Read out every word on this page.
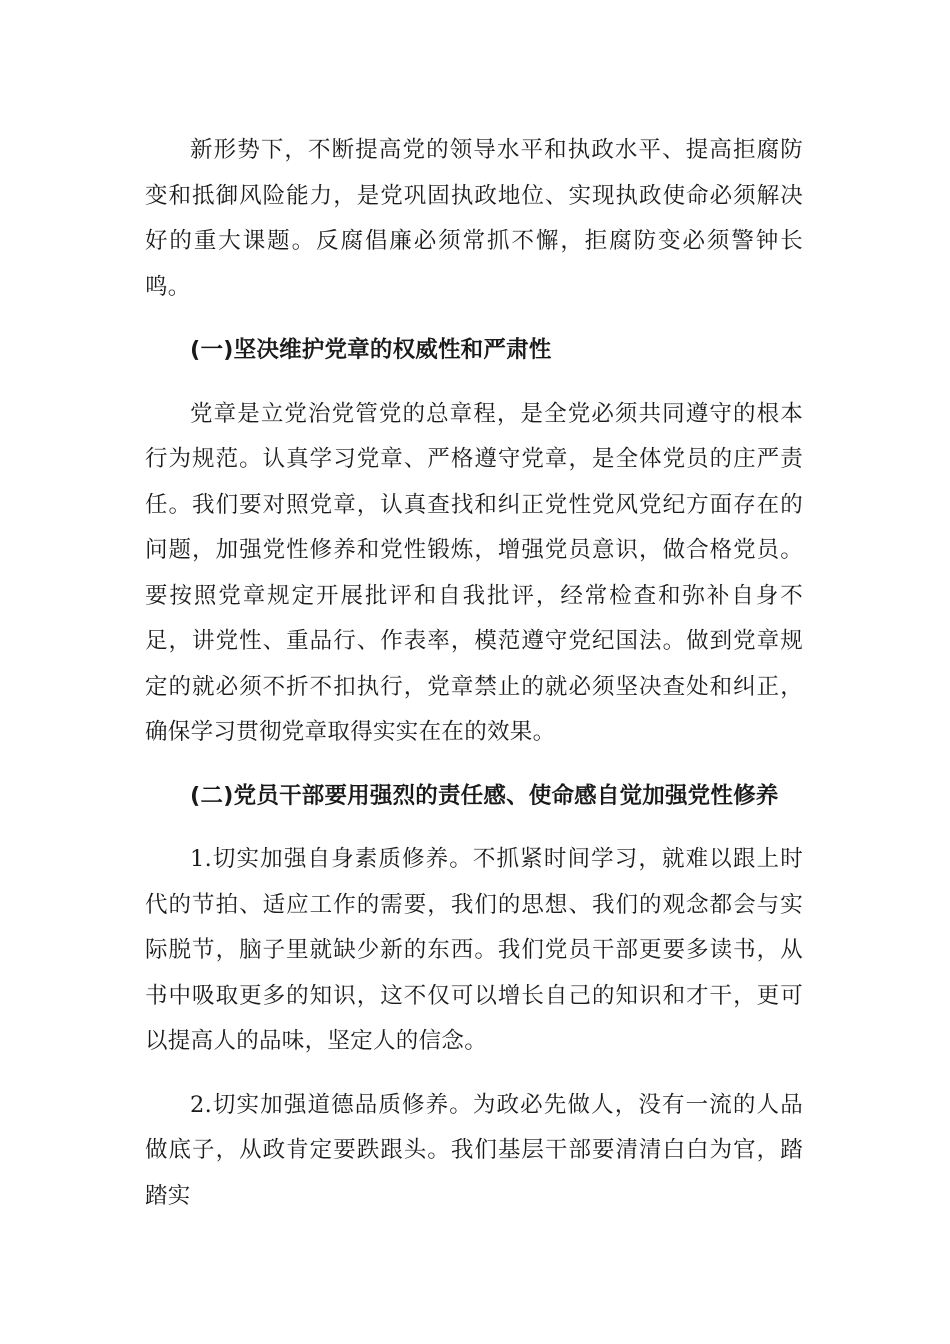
新形势下，不断提高党的领导水平和执政水平、提高拒腐防变和抵御风险能力，是党巩固执政地位、实现执政使命必须解决好的重大课题。反腐倡廉必须常抓不懈，拒腐防变必须警钟长鸣。

(一)坚决维护党章的权威性和严肃性

党章是立党治党管党的总章程，是全党必须共同遵守的根本行为规范。认真学习党章、严格遵守党章，是全体党员的庄严责任。我们要对照党章，认真查找和纠正党性党风党纪方面存在的问题，加强党性修养和党性锻炼，增强党员意识，做合格党员。要按照党章规定开展批评和自我批评，经常检查和弥补自身不足，讲党性、重品行、作表率，模范遵守党纪国法。做到党章规定的就必须不折不扣执行，党章禁止的就必须坚决查处和纠正，确保学习贯彻党章取得实实在在的效果。

(二)党员干部要用强烈的责任感、使命感自觉加强党性修养

1.切实加强自身素质修养。不抓紧时间学习，就难以跟上时代的节拍、适应工作的需要，我们的思想、我们的观念都会与实际脱节，脑子里就缺少新的东西。我们党员干部更要多读书，从书中吸取更多的知识，这不仅可以增长自己的知识和才干，更可以提高人的品味，坚定人的信念。

2.切实加强道德品质修养。为政必先做人，没有一流的人品做底子，从政肯定要跌跟头。我们基层干部要清清白白为官，踏踏实
